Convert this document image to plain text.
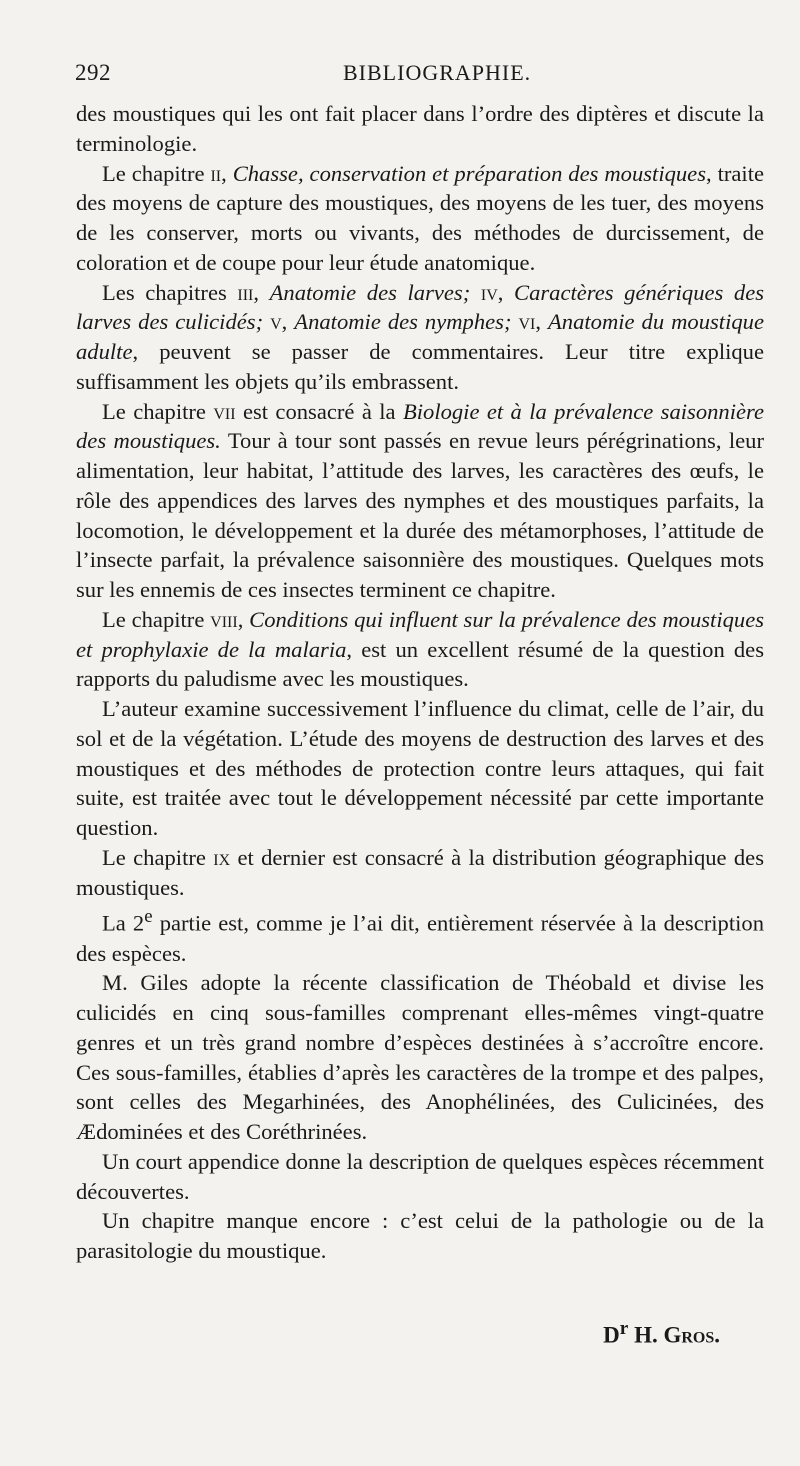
292	BIBLIOGRAPHIE.

des moustiques qui les ont fait placer dans l’ordre des diptères et discute la terminologie.

Le chapitre ii, Chasse, conservation et préparation des moustiques, traite des moyens de capture des moustiques, des moyens de les tuer, des moyens de les conserver, morts ou vivants, des méthodes de durcissement, de coloration et de coupe pour leur étude anatomique.

Les chapitres iii, Anatomie des larves; iv, Caractères génériques des larves des culicidés; v, Anatomie des nymphes; vi, Anatomie du moustique adulte, peuvent se passer de commentaires. Leur titre explique suffisamment les objets qu’ils embrassent.

Le chapitre vii est consacré à la Biologie et à la prévalence saisonnière des moustiques. Tour à tour sont passés en revue leurs pérégrinations, leur alimentation, leur habitat, l’attitude des larves, les caractères des œufs, le rôle des appendices des larves des nymphes et des moustiques parfaits, la locomotion, le développement et la durée des métamorphoses, l’attitude de l’insecte parfait, la prévalence saisonnière des moustiques. Quelques mots sur les ennemis de ces insectes terminent ce chapitre.

Le chapitre viii, Conditions qui influent sur la prévalence des moustiques et prophylaxie de la malaria, est un excellent résumé de la question des rapports du paludisme avec les moustiques.

L’auteur examine successivement l’influence du climat, celle de l’air, du sol et de la végétation. L’étude des moyens de destruction des larves et des moustiques et des méthodes de protection contre leurs attaques, qui fait suite, est traitée avec tout le développement nécessité par cette importante question.

Le chapitre ix et dernier est consacré à la distribution géographique des moustiques.

La 2e partie est, comme je l’ai dit, entièrement réservée à la description des espèces.

M. Giles adopte la récente classification de Théobald et divise les culicidés en cinq sous-familles comprenant elles-mêmes vingt-quatre genres et un très grand nombre d’espèces destinées à s’accroître encore. Ces sous-familles, établies d’après les caractères de la trompe et des palpes, sont celles des Megarhinées, des Anophélinées, des Culicinées, des Ædominées et des Coréthrinées.

Un court appendice donne la description de quelques espèces récemment découvertes.

Un chapitre manque encore : c’est celui de la pathologie ou de la parasitologie du moustique.

$D^r$ H. Gros.
